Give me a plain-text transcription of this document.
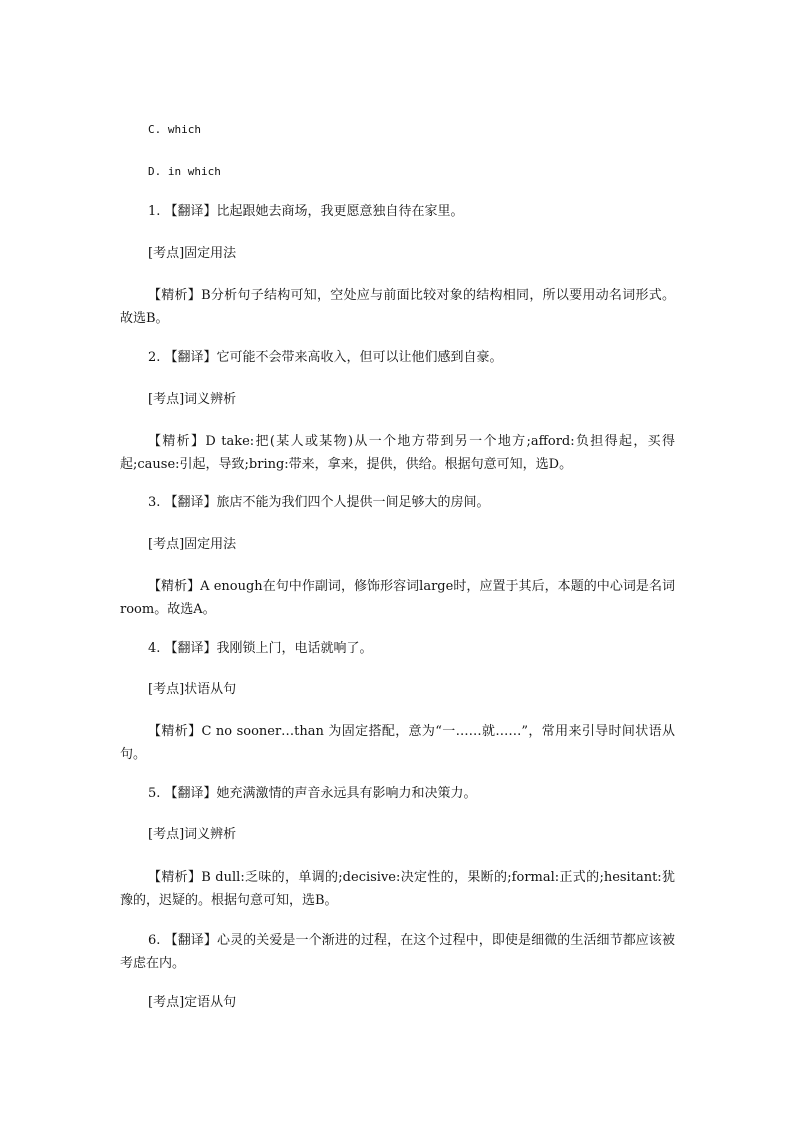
C. which
D. in which
1. 【翻译】比起跟她去商场，我更愿意独自待在家里。
[考点]固定用法
【精析】B分析句子结构可知，空处应与前面比较对象的结构相同，所以要用动名词形式。故选B。
2. 【翻译】它可能不会带来高收入，但可以让他们感到自豪。
[考点]词义辨析
【精析】D take:把(某人或某物)从一个地方带到另一个地方;afford:负担得起，买得起;cause:引起，导致;bring:带来，拿来，提供，供给。根据句意可知，选D。
3. 【翻译】旅店不能为我们四个人提供一间足够大的房间。
[考点]固定用法
【精析】A enough在句中作副词，修饰形容词large时，应置于其后，本题的中心词是名词room。故选A。
4. 【翻译】我刚锁上门，电话就响了。
[考点]状语从句
【精析】C no sooner…than 为固定搭配，意为“一……就……”，常用来引导时间状语从句。
5. 【翻译】她充满激情的声音永远具有影响力和决策力。
[考点]词义辨析
【精析】B dull:乏味的，单调的;decisive:决定性的，果断的;formal:正式的;hesitant:犹豫的，迟疑的。根据句意可知，选B。
6. 【翻译】心灵的关爱是一个渐进的过程，在这个过程中，即使是细微的生活细节都应该被考虑在内。
[考点]定语从句
